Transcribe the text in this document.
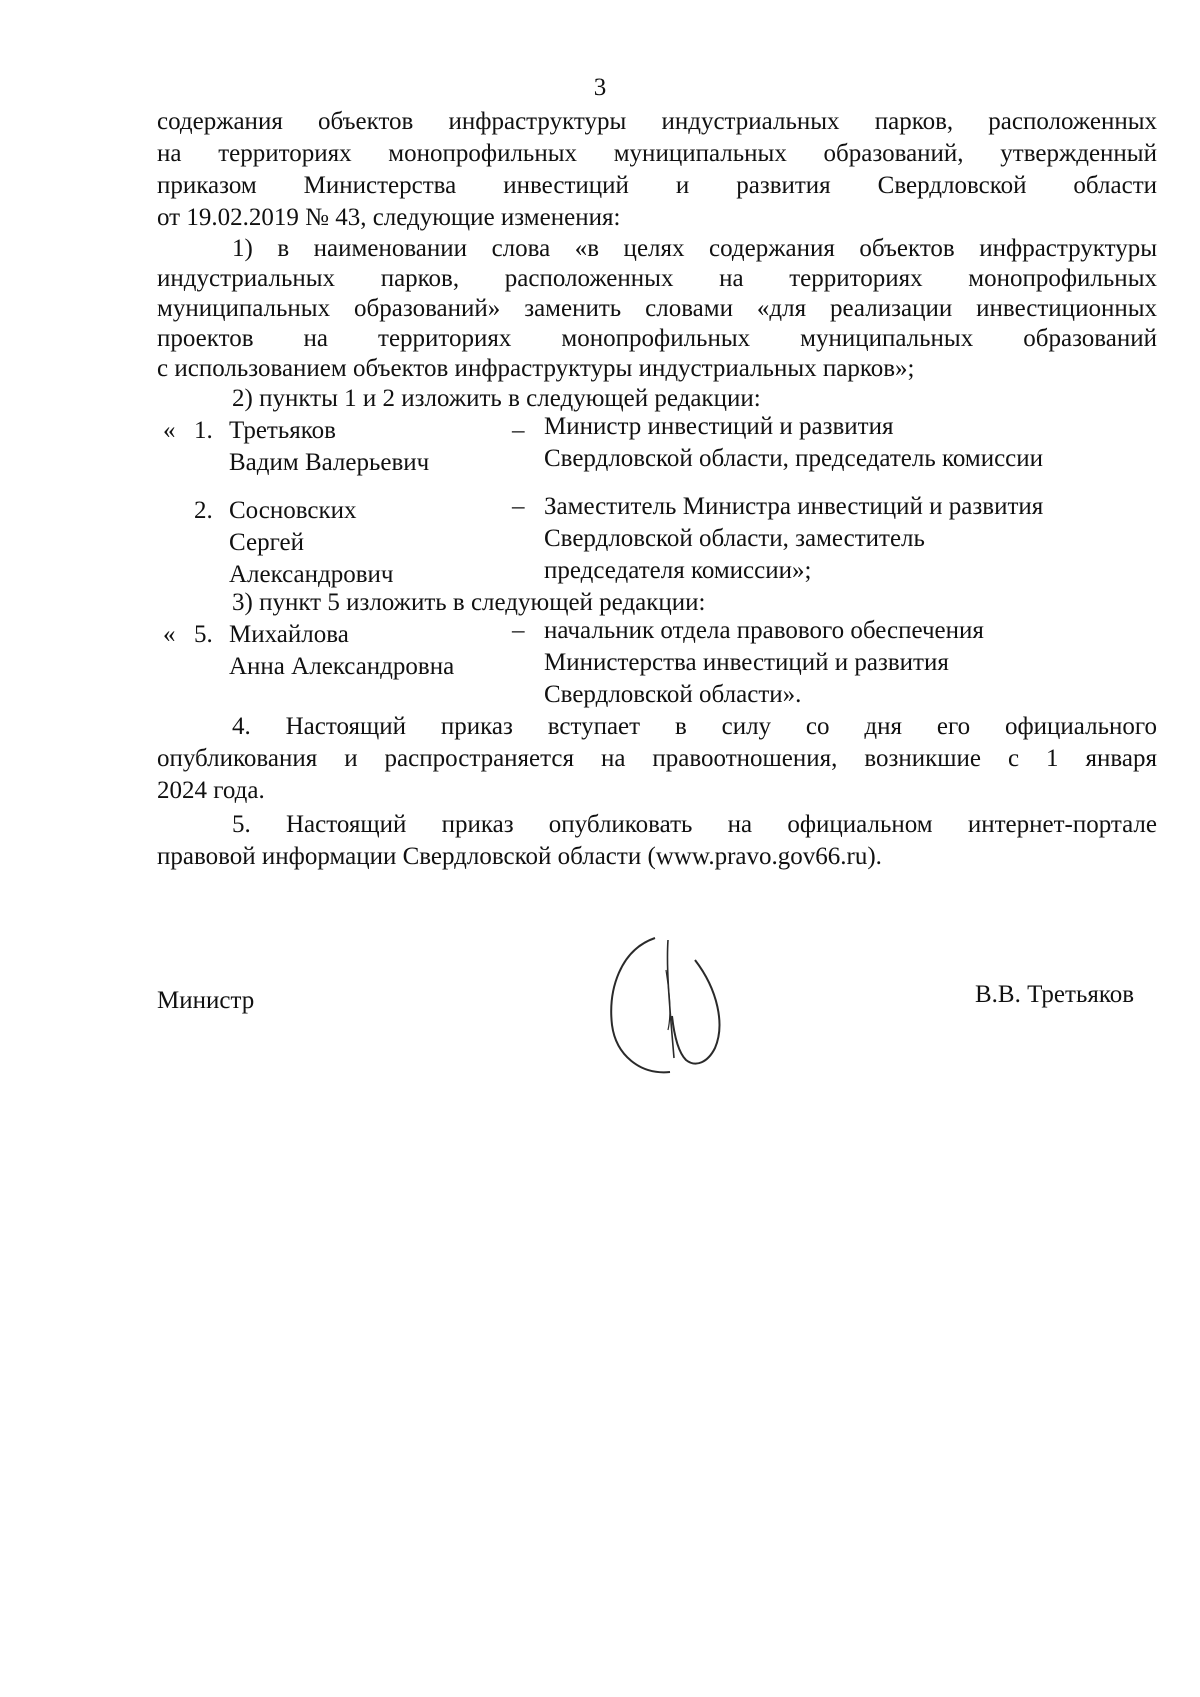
3
содержания объектов инфраструктуры индустриальных парков, расположенных
на территориях монопрофильных муниципальных образований, утвержденный
приказом Министерства инвестиций и развития Свердловской области
от 19.02.2019 № 43, следующие изменения:
1) в наименовании слова «в целях содержания объектов инфраструктуры
индустриальных парков, расположенных на территориях монопрофильных
муниципальных образований» заменить словами «для реализации инвестиционных
проектов на территориях монопрофильных муниципальных образований
с использованием объектов инфраструктуры индустриальных парков»;
2) пункты 1 и 2 изложить в следующей редакции:
« 1. Третьяков
Вадим Валерьевич
– Министр инвестиций и развития
Свердловской области, председатель комиссии
2. Сосновских
Сергей
Александрович
– Заместитель Министра инвестиций и развития
Свердловской области, заместитель
председателя комиссии»;
3) пункт 5 изложить в следующей редакции:
« 5. Михайлова
Анна Александровна
– начальник отдела правового обеспечения
Министерства инвестиций и развития
Свердловской области».
4. Настоящий приказ вступает в силу со дня его официального
опубликования и распространяется на правоотношения, возникшие с 1 января
2024 года.
5. Настоящий приказ опубликовать на официальном интернет-портале
правовой информации Свердловской области (www.pravo.gov66.ru).
Министр	В.В. Третьяков
